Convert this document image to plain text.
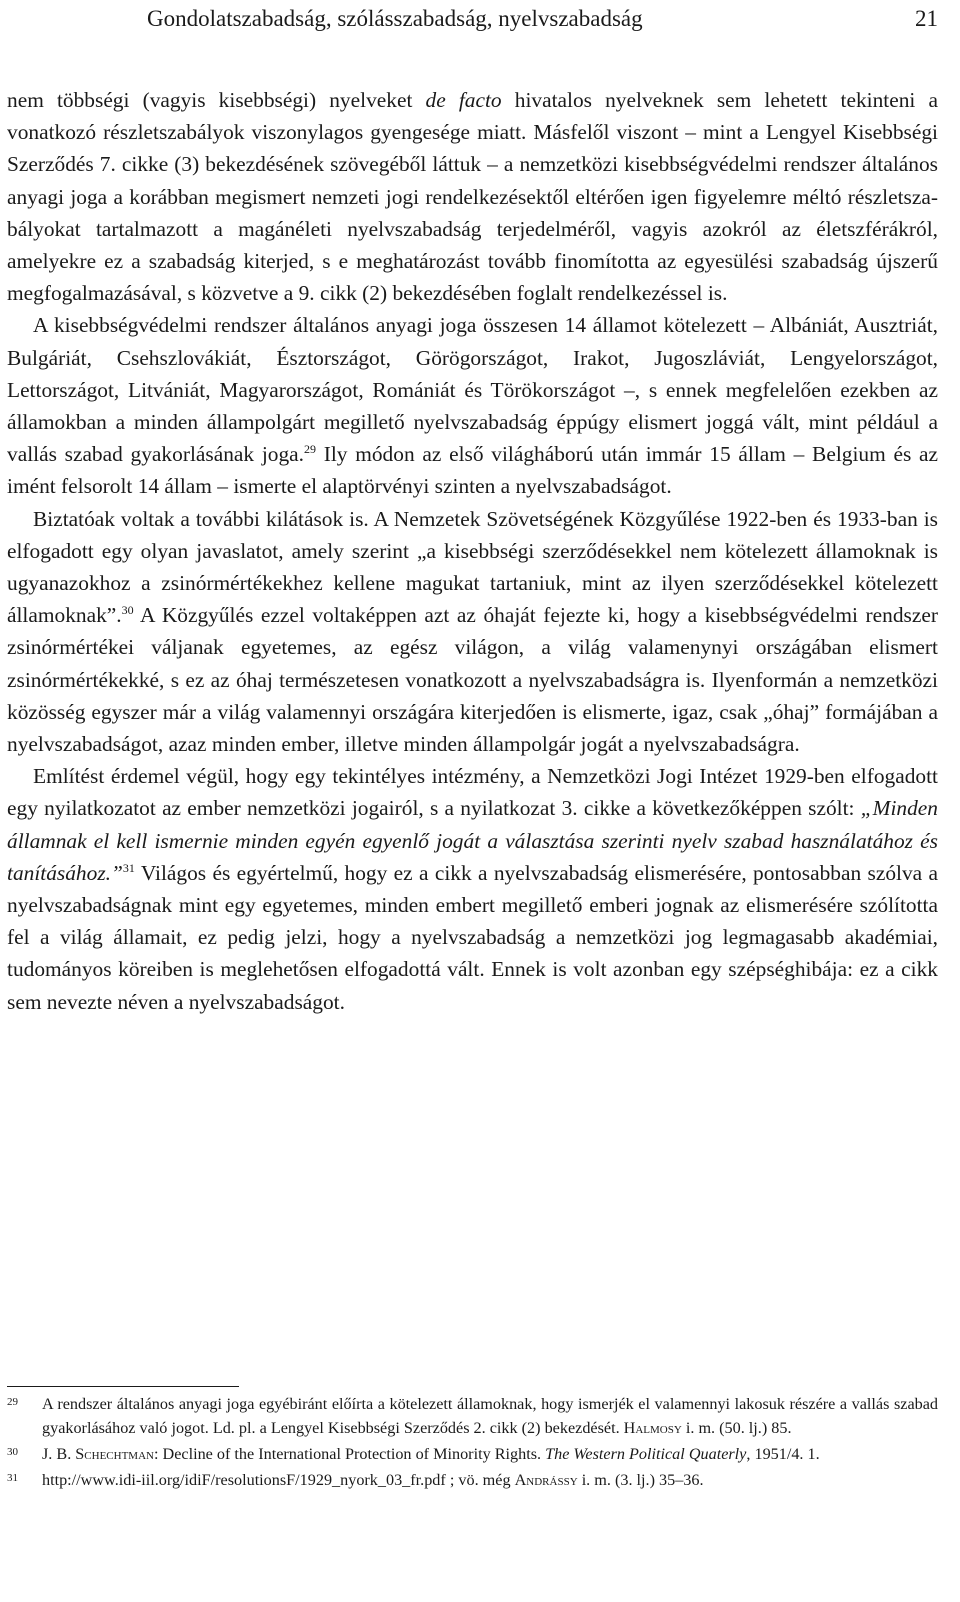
Gondolatszabadság, szólásszabadság, nyelvszabadság	21

nem többségi (vagyis kisebbségi) nyelveket de facto hivatalos nyelveknek sem lehetett tekinteni a vonatkozó részletszabályok viszonylagos gyengesége miatt. Másfelől viszont – mint a Lengyel Kisebbségi Szerződés 7. cikke (3) bekezdésének szövegéből láttuk – a nemzetközi kisebbségvédelmi rendszer általános anyagi joga a korábban megismert nemzeti jogi rendelkezésektől eltérően igen figyelemre méltó részletszabályokat tartalmazott a magánéleti nyelvszabadság terjedelméről, vagyis azokról az életszférákról, amelyekre ez a szabadság kiterjed, s e meghatározást tovább finomította az egyesülési szabadság újszerű megfogalmazásával, s közvetve a 9. cikk (2) bekezdésében foglalt rendelkezéssel is.

A kisebbségvédelmi rendszer általános anyagi joga összesen 14 államot kötelezett – Albániát, Ausztriát, Bulgáriát, Csehszlovákiát, Észtországot, Görögországot, Irakot, Jugoszláviát, Lengyelországot, Lettországot, Litvániát, Magyarországot, Romániát és Törökországot –, s ennek megfelelően ezekben az államokban a minden állampolgárt megillető nyelvszabadság éppúgy elismert joggá vált, mint például a vallás szabad gyakorlásának joga.$^{29}$ Ily módon az első világháború után immár 15 állam – Belgium és az imént felsorolt 14 állam – ismerte el alaptörvényi szinten a nyelvszabadságot.

Biztatóak voltak a további kilátások is. A Nemzetek Szövetségének Közgyűlése 1922-ben és 1933-ban is elfogadott egy olyan javaslatot, amely szerint „a kisebbségi szerződésekkel nem kötelezett államoknak is ugyanazokhoz a zsinórmértékekhez kellene magukat tartaniuk, mint az ilyen szerződésekkel kötelezett államoknak”.$^{30}$ A Közgyűlés ezzel voltaképpen azt az óhaját fejezte ki, hogy a kisebbségvédelmi rendszer zsinórmértékei váljanak egyetemes, az egész világon, a világ valamenynyi országában elismert zsinórmértékekké, s ez az óhaj természetesen vonatkozott a nyelvszabadságra is. Ilyenformán a nemzetközi közösség egyszer már a világ valamennyi országára kiterjedően is elismerte, igaz, csak „óhaj” formájában a nyelvszabadságot, azaz minden ember, illetve minden állampolgár jogát a nyelvszabadságra.

Említést érdemel végül, hogy egy tekintélyes intézmény, a Nemzetközi Jogi Intézet 1929-ben elfogadott egy nyilatkozatot az ember nemzetközi jogairól, s a nyilatkozat 3. cikke a következőképpen szólt: „Minden államnak el kell ismernie minden egyén egyenlő jogát a választása szerinti nyelv szabad használatához és tanításához.”$^{31}$ Világos és egyértelmű, hogy ez a cikk a nyelvszabadság elismerésére, pontosabban szólva a nyelvszabadságnak mint egy egyetemes, minden embert megillető emberi jognak az elismerésére szólította fel a világ államait, ez pedig jelzi, hogy a nyelvszabadság a nemzetközi jog legmagasabb akadémiai, tudományos köreiben is meglehetősen elfogadottá vált. Ennek is volt azonban egy szépséghibája: ez a cikk sem nevezte néven a nyelvszabadságot.

29 A rendszer általános anyagi joga egyébiránt előírta a kötelezett államoknak, hogy ismerjék el valamennyi lakosuk részére a vallás szabad gyakorlásához való jogot. Ld. pl. a Lengyel Kisebbségi Szerződés 2. cikk (2) bekezdését. Halmosy i. m. (50. lj.) 85.
30 J. B. Schechtman: Decline of the International Protection of Minority Rights. The Western Political Quaterly, 1951/4. 1.
31 http://www.idi-iil.org/idiF/resolutionsF/1929_nyork_03_fr.pdf ; vö. még Andrássy i. m. (3. lj.) 35–36.
